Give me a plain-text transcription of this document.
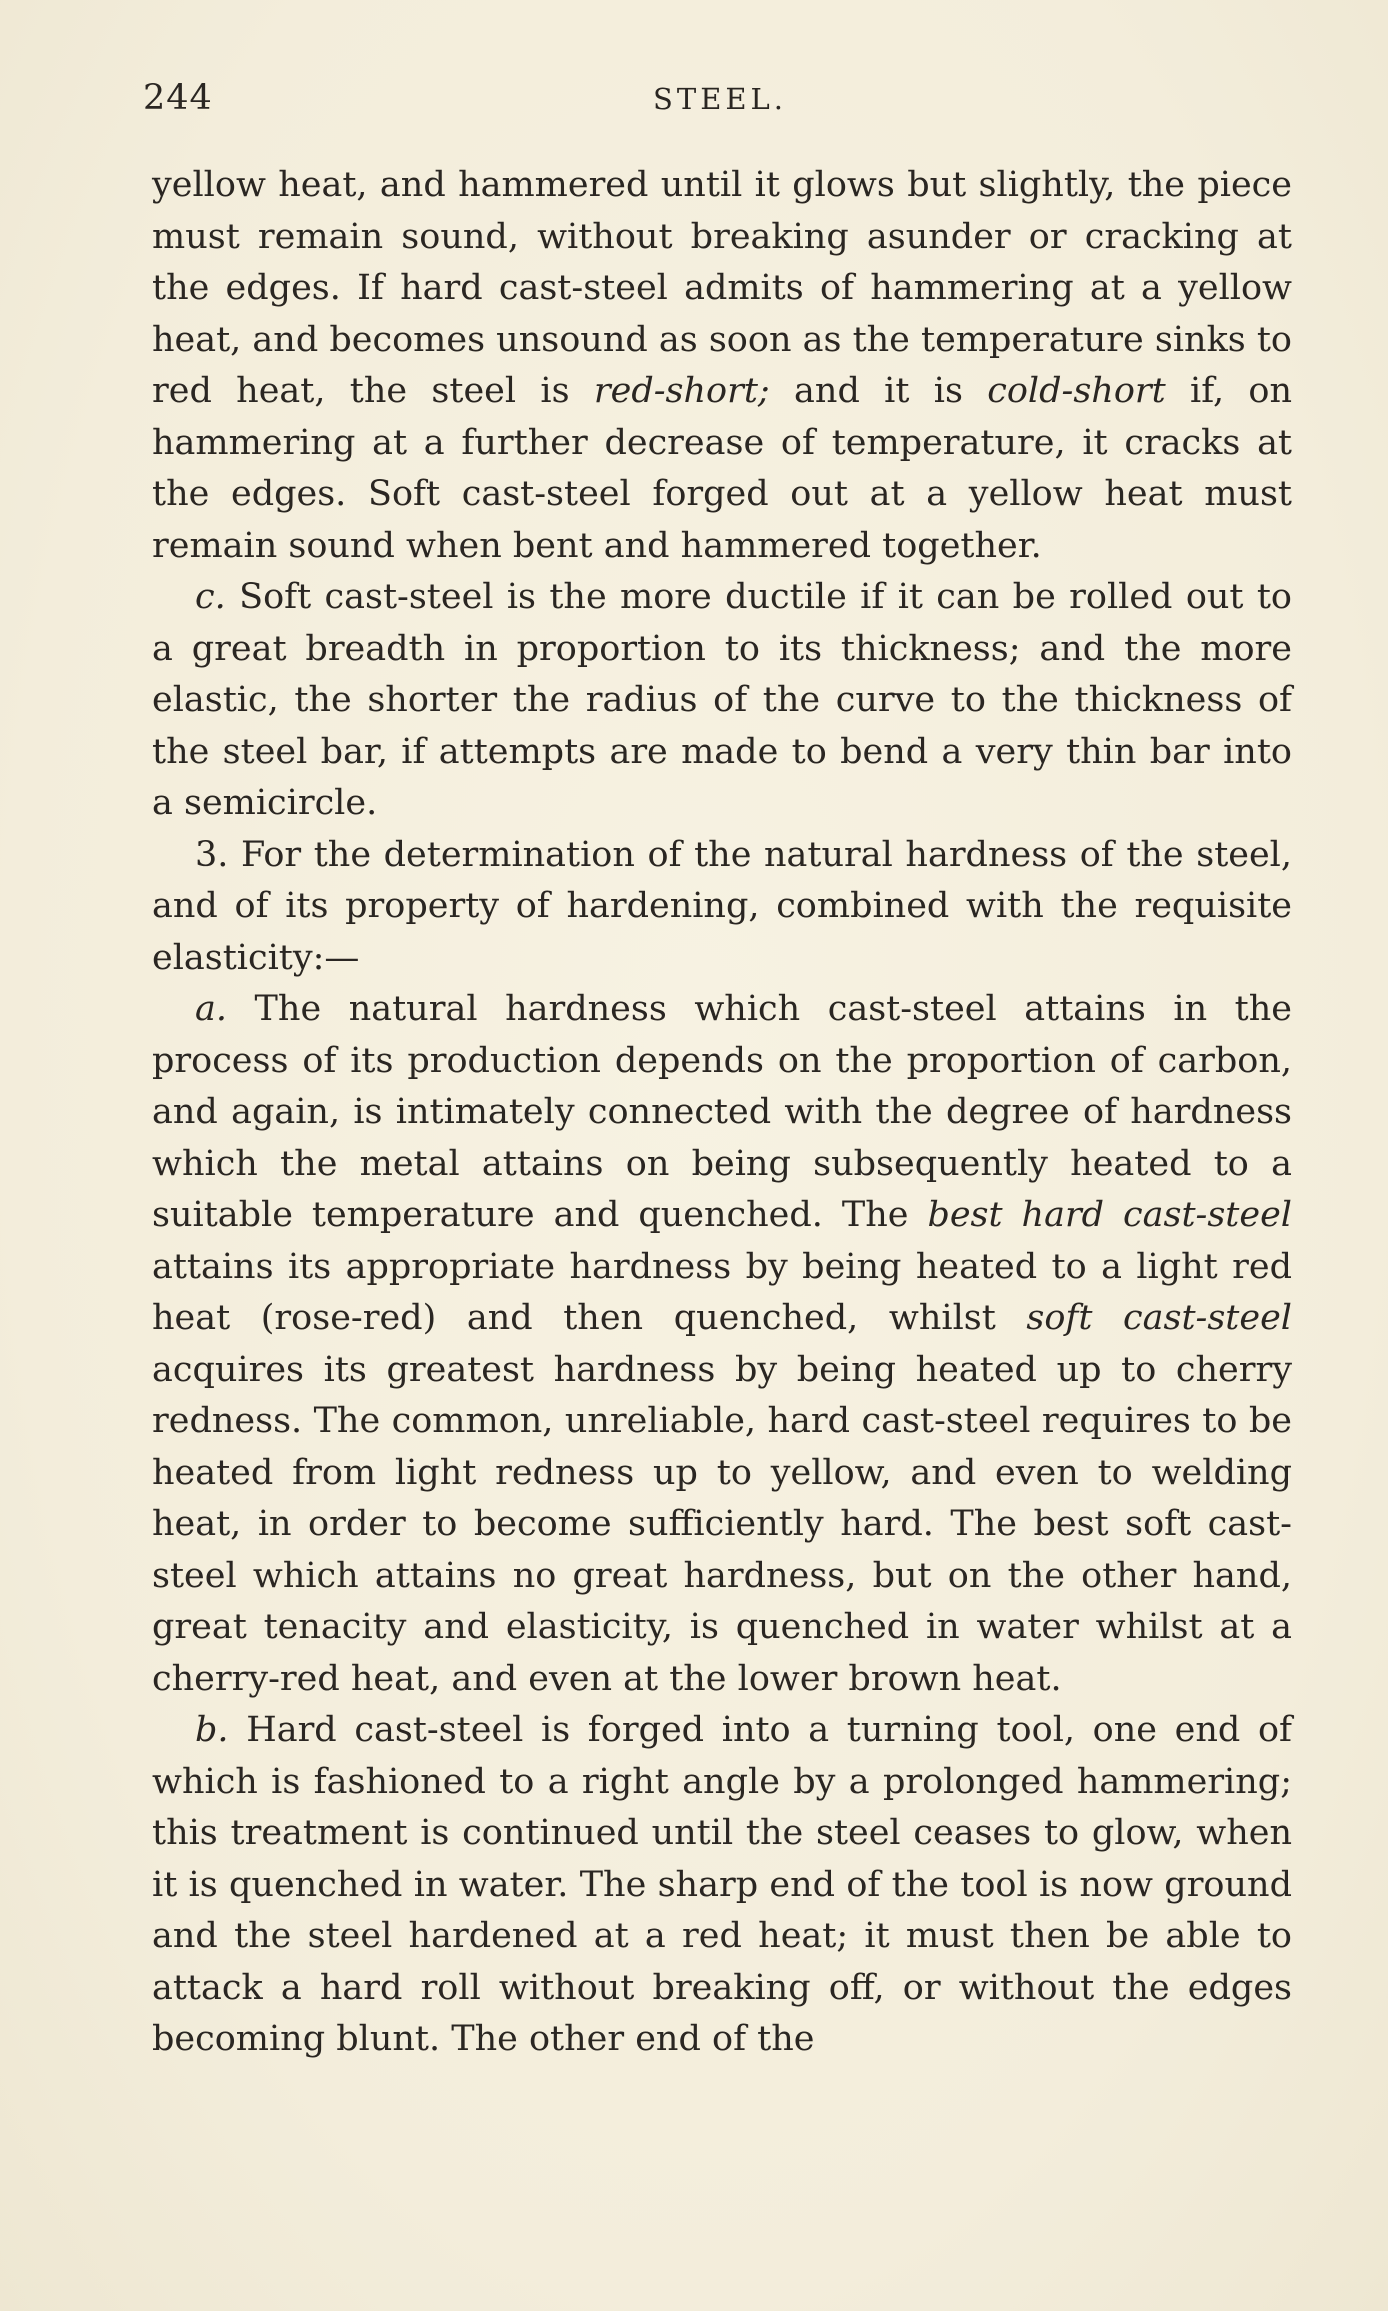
244	STEEL.

yellow heat, and hammered until it glows but slightly, the piece must remain sound, without breaking asunder or cracking at the edges. If hard cast-steel admits of hammering at a yellow heat, and becomes unsound as soon as the temperature sinks to red heat, the steel is red-short; and it is cold-short if, on hammering at a further decrease of temperature, it cracks at the edges. Soft cast-steel forged out at a yellow heat must remain sound when bent and hammered together.

c. Soft cast-steel is the more ductile if it can be rolled out to a great breadth in proportion to its thickness; and the more elastic, the shorter the radius of the curve to the thickness of the steel bar, if attempts are made to bend a very thin bar into a semicircle.

3. For the determination of the natural hardness of the steel, and of its property of hardening, combined with the requisite elasticity:—

a. The natural hardness which cast-steel attains in the process of its production depends on the proportion of carbon, and again, is intimately connected with the degree of hardness which the metal attains on being subsequently heated to a suitable temperature and quenched. The best hard cast-steel attains its appropriate hardness by being heated to a light red heat (rose-red) and then quenched, whilst soft cast-steel acquires its greatest hardness by being heated up to cherry redness. The common, unreliable, hard cast-steel requires to be heated from light redness up to yellow, and even to welding heat, in order to become sufficiently hard. The best soft cast-steel which attains no great hardness, but on the other hand, great tenacity and elasticity, is quenched in water whilst at a cherry-red heat, and even at the lower brown heat.

b. Hard cast-steel is forged into a turning tool, one end of which is fashioned to a right angle by a prolonged hammering; this treatment is continued until the steel ceases to glow, when it is quenched in water. The sharp end of the tool is now ground and the steel hardened at a red heat; it must then be able to attack a hard roll without breaking off, or without the edges becoming blunt. The other end of the
